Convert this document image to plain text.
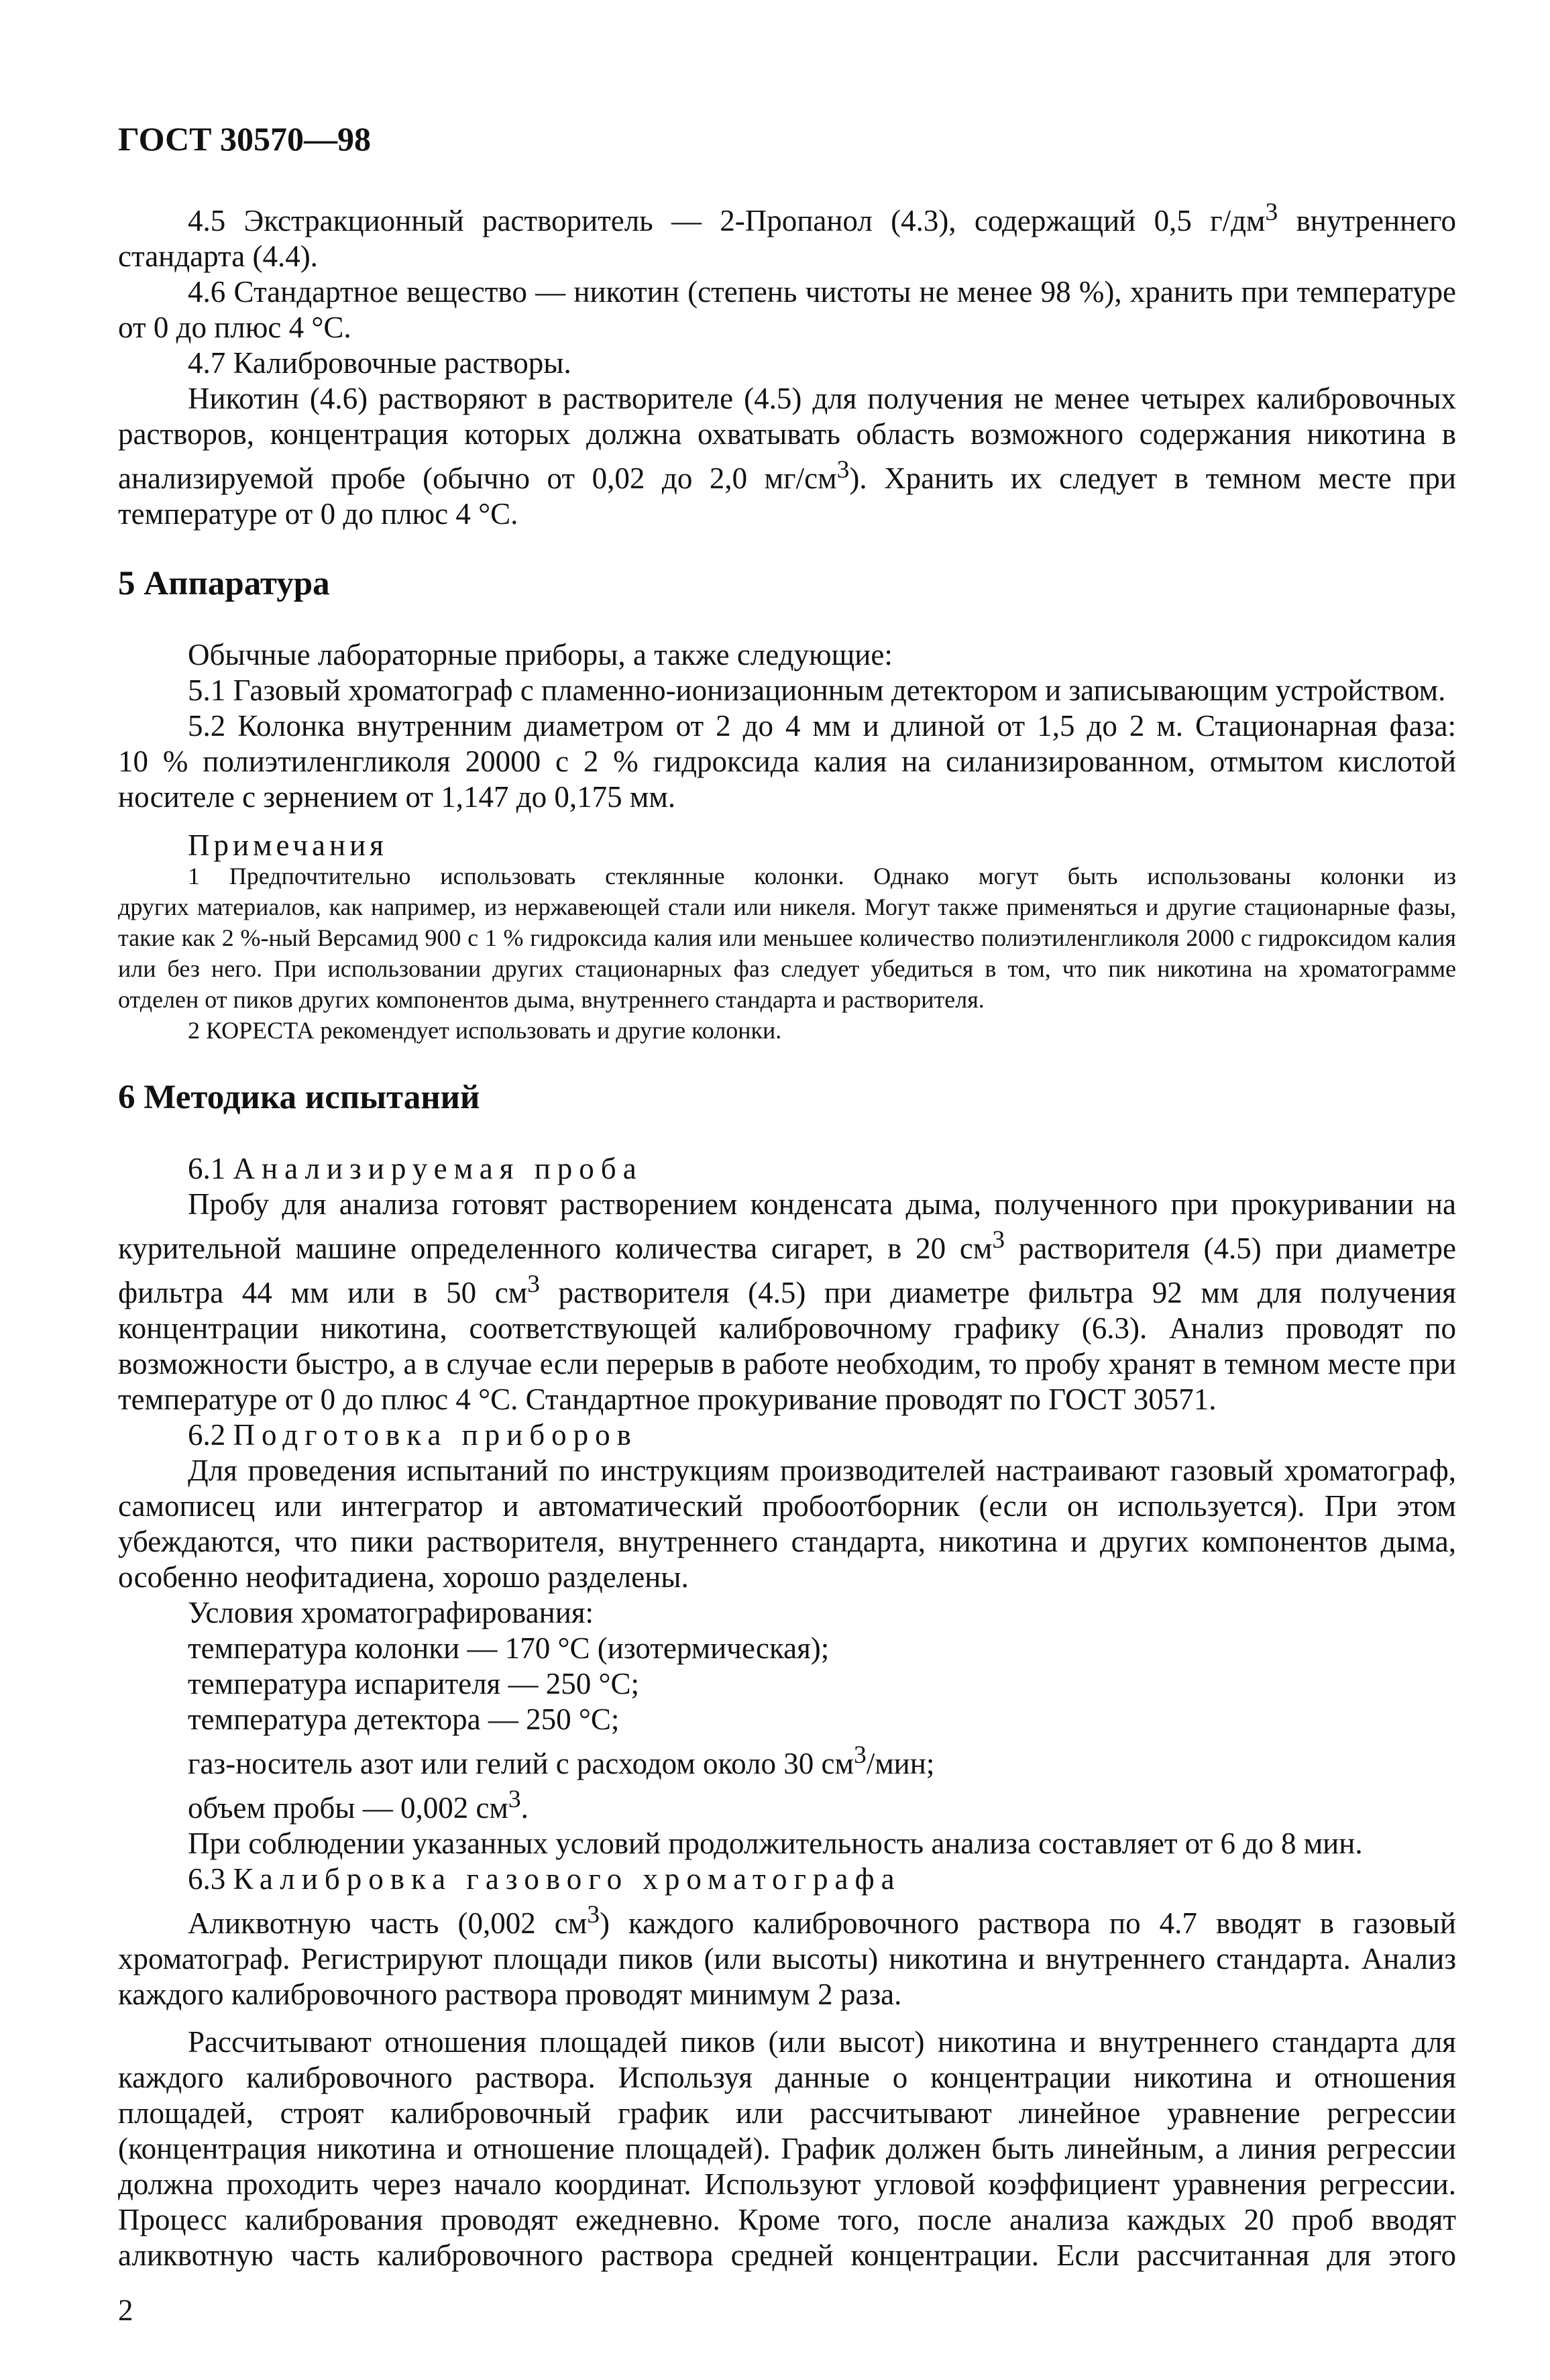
ГОСТ 30570—98

4.5 Экстракционный растворитель — 2-Пропанол (4.3), содержащий 0,5 $г/дм^3$ внутреннего стандарта (4.4).

4.6 Стандартное вещество — никотин (степень чистоты не менее 98 %), хранить при температуре от 0 до плюс 4 °С.

4.7 Калибровочные растворы.

Никотин (4.6) растворяют в растворителе (4.5) для получения не менее четырех калибровочных растворов, концентрация которых должна охватывать область возможного содержания никотина в анализируемой пробе (обычно от 0,02 до 2,0 $мг/см^3$). Хранить их следует в темном месте при температуре от 0 до плюс 4 °С.

5 Аппаратура

Обычные лабораторные приборы, а также следующие:

5.1 Газовый хроматограф с пламенно-ионизационным детектором и записывающим устройством.

5.2 Колонка внутренним диаметром от 2 до 4 мм и длиной от 1,5 до 2 м. Стационарная фаза:

10 % полиэтиленгликоля 20000 с 2 % гидроксида калия на силанизированном, отмытом кислотой носителе с зернением от 1,147 до 0,175 мм.

Примечания

1 Предпочтительно использовать стеклянные колонки. Однако могут быть использованы колонки из

других материалов, как например, из нержавеющей стали или никеля. Могут также применяться и другие стационарные фазы, такие как 2 %-ный Версамид 900 с 1 % гидроксида калия или меньшее количество полиэтиленгликоля 2000 с гидроксидом калия или без него. При использовании других стационарных фаз следует убедиться в том, что пик никотина на хроматограмме отделен от пиков других компонентов дыма, внутреннего стандарта и растворителя.

2 КОРЕСТА рекомендует использовать и другие колонки.

6 Методика испытаний

6.1 Анализируемая проба

Пробу для анализа готовят растворением конденсата дыма, полученного при прокуривании на курительной машине определенного количества сигарет, в 20 $см^3$ растворителя (4.5) при диаметре фильтра 44 мм или в 50 $см^3$ растворителя (4.5) при диаметре фильтра 92 мм для получения концентрации никотина, соответствующей калибровочному графику (6.3). Анализ проводят по возможности быстро, а в случае если перерыв в работе необходим, то пробу хранят в темном месте при температуре от 0 до плюс 4 °С. Стандартное прокуривание проводят по ГОСТ 30571.

6.2 Подготовка приборов

Для проведения испытаний по инструкциям производителей настраивают газовый хроматограф, самописец или интегратор и автоматический пробоотборник (если он используется). При этом убеждаются, что пики растворителя, внутреннего стандарта, никотина и других компонентов дыма, особенно неофитадиена, хорошо разделены.

Условия хроматографирования:

температура колонки — 170 °С (изотермическая);

температура испарителя — 250 °С;

температура детектора — 250 °С;

газ-носитель азот или гелий с расходом около 30 $см^3$/мин;

объем пробы — 0,002 $см^3$.

При соблюдении указанных условий продолжительность анализа составляет от 6 до 8 мин.

6.3 Калибровка газового хроматографа

Аликвотную часть (0,002 $см^3$) каждого калибровочного раствора по 4.7 вводят в газовый хроматограф. Регистрируют площади пиков (или высоты) никотина и внутреннего стандарта. Анализ каждого калибровочного раствора проводят минимум 2 раза.

Рассчитывают отношения площадей пиков (или высот) никотина и внутреннего стандарта для каждого калибровочного раствора. Используя данные о концентрации никотина и отношения площадей, строят калибровочный график или рассчитывают линейное уравнение регрессии (концентрация никотина и отношение площадей). График должен быть линейным, а линия регрессии должна проходить через начало координат. Используют угловой коэффициент уравнения регрессии. Процесс калибрования проводят ежедневно. Кроме того, после анализа каждых 20 проб вводят аликвотную часть калибровочного раствора средней концентрации. Если рассчитанная для этого

2
